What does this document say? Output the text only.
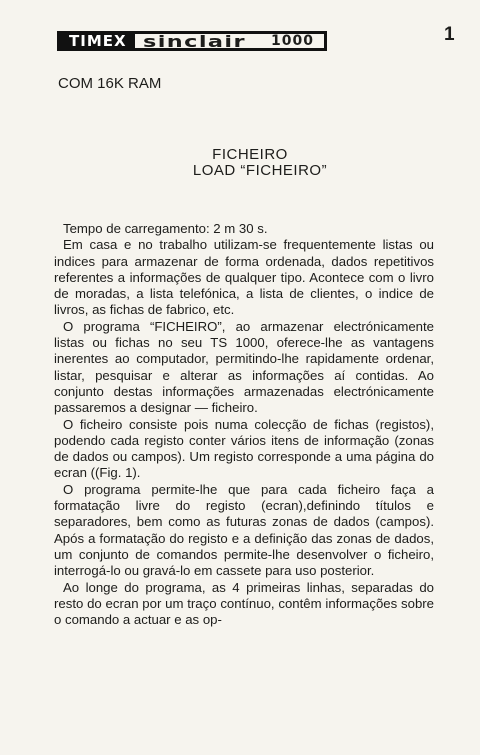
TIMEX	sinclair 1000	1
COM 16K RAM
FICHEIRO
LOAD “FICHEIRO”

Tempo de carregamento: 2 m 30 s.

Em casa e no trabalho utilizam-se frequentemente listas ou indices para armazenar de forma ordenada, dados repetitivos referentes a informações de qualquer tipo. Acontece com o livro de moradas, a lista telefónica, a lista de clientes, o indice de livros, as fichas de fabrico, etc.

O programa “FICHEIRO”, ao armazenar electrónicamente listas ou fichas no seu TS 1000, oferece-lhe as vantagens inerentes ao computador, permitindo-lhe rapidamente ordenar, listar, pesquisar e alterar as informações aí contidas. Ao conjunto destas informações armazenadas electrónicamente passaremos a designar — ficheiro.

O ficheiro consiste pois numa colecção de fichas (registos), podendo cada registo conter vários itens de informação (zonas de dados ou campos). Um registo corresponde a uma página do ecran ((Fig. 1).

O programa permite-lhe que para cada ficheiro faça a formatação livre do registo (ecran),definindo títulos e separadores, bem como as futuras zonas de dados (campos). Após a formatação do registo e a definição das zonas de dados, um conjunto de comandos permite-lhe desenvolver o ficheiro, interrogá-lo ou gravá-lo em cassete para uso posterior.

Ao longe do programa, as 4 primeiras linhas, separadas do resto do ecran por um traço contínuo, contêm informações sobre o comando a actuar e as op-
